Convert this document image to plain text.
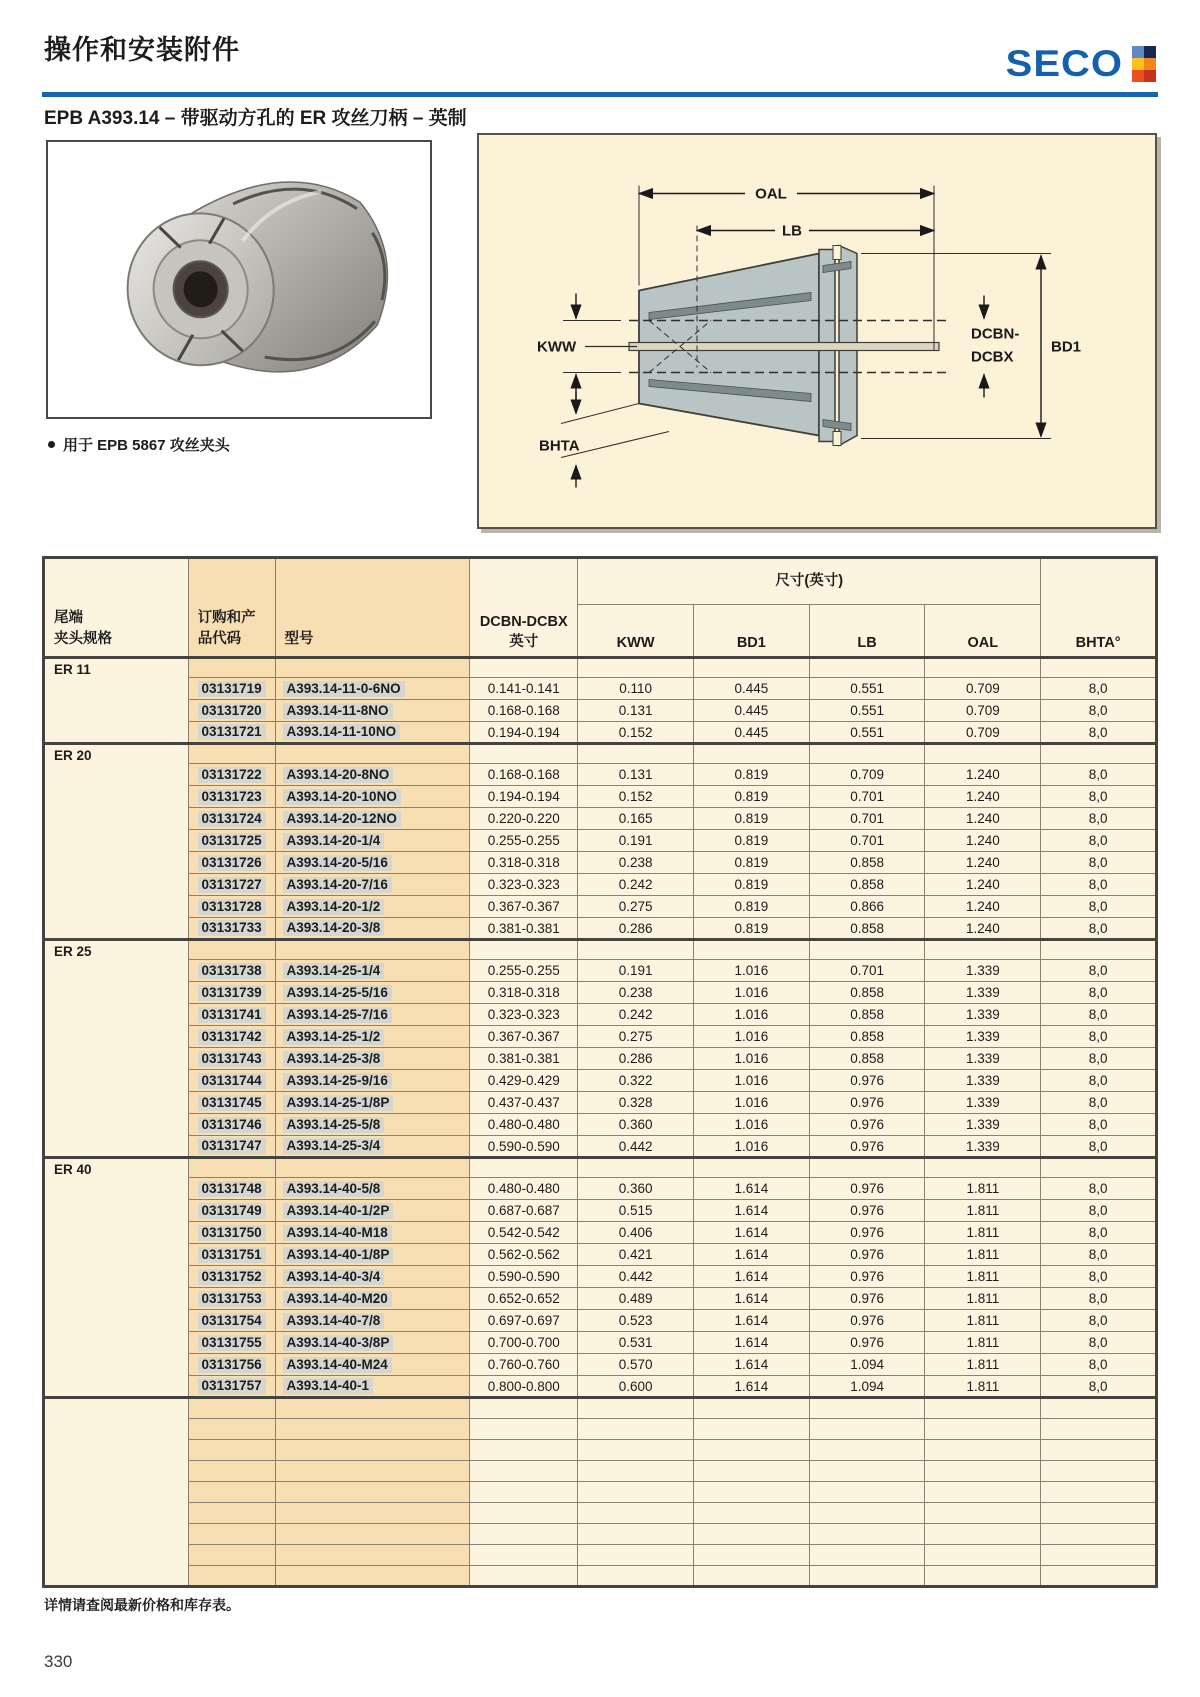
操作和安装附件	SECO
EPB A393.14 – 带驱动方孔的 ER 攻丝刀柄 – 英制
用于 EPB 5867 攻丝夹头
OAL
LB
KWW
DCBN-
DCBX
BD1
BHTA
尾端
夹头规格

订购和产
品代码	型号

DCBN-DCBX
英寸
	尺寸(英寸)	BHTA°
				KWW	BD1	LB	OAL	
ER 11								
	03131719	A393.14-11-0-6NO	0.141-0.141	0.110	0.445	0.551	0.709	8,0
	03131720	A393.14-11-8NO	0.168-0.168	0.131	0.445	0.551	0.709	8,0
	03131721	A393.14-11-10NO	0.194-0.194	0.152	0.445	0.551	0.709	8,0
ER 20								
	03131722	A393.14-20-8NO	0.168-0.168	0.131	0.819	0.709	1.240	8,0
	03131723	A393.14-20-10NO	0.194-0.194	0.152	0.819	0.701	1.240	8,0
	03131724	A393.14-20-12NO	0.220-0.220	0.165	0.819	0.701	1.240	8,0
	03131725	A393.14-20-1/4	0.255-0.255	0.191	0.819	0.701	1.240	8,0
	03131726	A393.14-20-5/16	0.318-0.318	0.238	0.819	0.858	1.240	8,0
	03131727	A393.14-20-7/16	0.323-0.323	0.242	0.819	0.858	1.240	8,0
	03131728	A393.14-20-1/2	0.367-0.367	0.275	0.819	0.866	1.240	8,0
	03131733	A393.14-20-3/8	0.381-0.381	0.286	0.819	0.858	1.240	8,0
ER 25								
	03131738	A393.14-25-1/4	0.255-0.255	0.191	1.016	0.701	1.339	8,0
	03131739	A393.14-25-5/16	0.318-0.318	0.238	1.016	0.858	1.339	8,0
	03131741	A393.14-25-7/16	0.323-0.323	0.242	1.016	0.858	1.339	8,0
	03131742	A393.14-25-1/2	0.367-0.367	0.275	1.016	0.858	1.339	8,0
	03131743	A393.14-25-3/8	0.381-0.381	0.286	1.016	0.858	1.339	8,0
	03131744	A393.14-25-9/16	0.429-0.429	0.322	1.016	0.976	1.339	8,0
	03131745	A393.14-25-1/8P	0.437-0.437	0.328	1.016	0.976	1.339	8,0
	03131746	A393.14-25-5/8	0.480-0.480	0.360	1.016	0.976	1.339	8,0
	03131747	A393.14-25-3/4	0.590-0.590	0.442	1.016	0.976	1.339	8,0
ER 40								
	03131748	A393.14-40-5/8	0.480-0.480	0.360	1.614	0.976	1.811	8,0
	03131749	A393.14-40-1/2P	0.687-0.687	0.515	1.614	0.976	1.811	8,0
	03131750	A393.14-40-M18	0.542-0.542	0.406	1.614	0.976	1.811	8,0
	03131751	A393.14-40-1/8P	0.562-0.562	0.421	1.614	0.976	1.811	8,0
	03131752	A393.14-40-3/4	0.590-0.590	0.442	1.614	0.976	1.811	8,0
	03131753	A393.14-40-M20	0.652-0.652	0.489	1.614	0.976	1.811	8,0
	03131754	A393.14-40-7/8	0.697-0.697	0.523	1.614	0.976	1.811	8,0
	03131755	A393.14-40-3/8P	0.700-0.700	0.531	1.614	0.976	1.811	8,0
	03131756	A393.14-40-M24	0.760-0.760	0.570	1.614	1.094	1.811	8,0
	03131757	A393.14-40-1	0.800-0.800	0.600	1.614	1.094	1.811	8,0

详情请查阅最新价格和库存表。
330
